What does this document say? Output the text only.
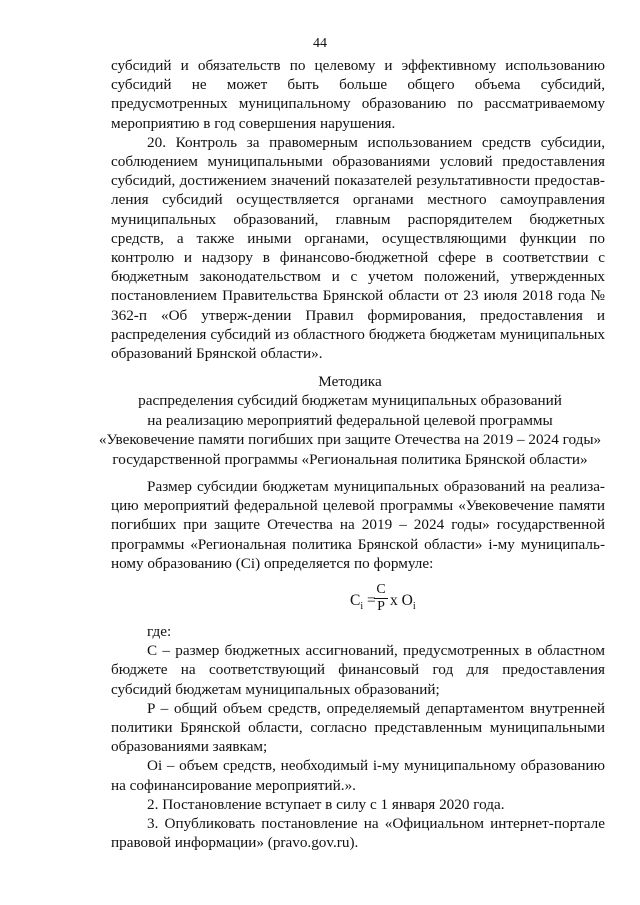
44

субсидий и обязательств по целевому и эффективному использованию субсидий не может быть больше общего объема субсидий, предусмотренных муниципальному образованию по рассматриваемому мероприятию в год совершения нарушения.

20. Контроль за правомерным использованием средств субсидии, соблюдением муниципальными образованиями условий предоставления субсидий, достижением значений показателей результативности предостав-ления субсидий осуществляется органами местного самоуправления муниципальных образований, главным распорядителем бюджетных средств, а также иными органами, осуществляющими функции по контролю и надзору в финансово-бюджетной сфере в соответствии с бюджетным законодательством и с учетом положений, утвержденных постановлением Правительства Брянской области от 23 июля 2018 года № 362-п «Об утверж-дении Правил формирования, предоставления и распределения субсидий из областного бюджета бюджетам муниципальных образований Брянской области».

Методика
распределения субсидий бюджетам муниципальных образований
на реализацию мероприятий федеральной целевой программы
«Увековечение памяти погибших при защите Отечества на 2019 – 2024 годы»
государственной программы «Региональная политика Брянской области»

Размер субсидии бюджетам муниципальных образований на реализа-цию мероприятий федеральной целевой программы «Увековечение памяти погибших при защите Отечества на 2019 – 2024 годы» государственной программы «Региональная политика Брянской области» i-му муниципаль-ному образованию (Ci) определяется по формуле:

$C_i$ =
C
P x $O_i$

где:

C – размер бюджетных ассигнований, предусмотренных в областном бюджете на соответствующий финансовый год для предоставления субсидий бюджетам муниципальных образований;

P – общий объем средств, определяемый департаментом внутренней политики Брянской области, согласно представленным муниципальными образованиями заявкам;

Oi – объем средств, необходимый i-му муниципальному образованию на софинансирование мероприятий.».

2. Постановление вступает в силу с 1 января 2020 года.

3. Опубликовать постановление на «Официальном интернет-портале правовой информации» (pravo.gov.ru).
